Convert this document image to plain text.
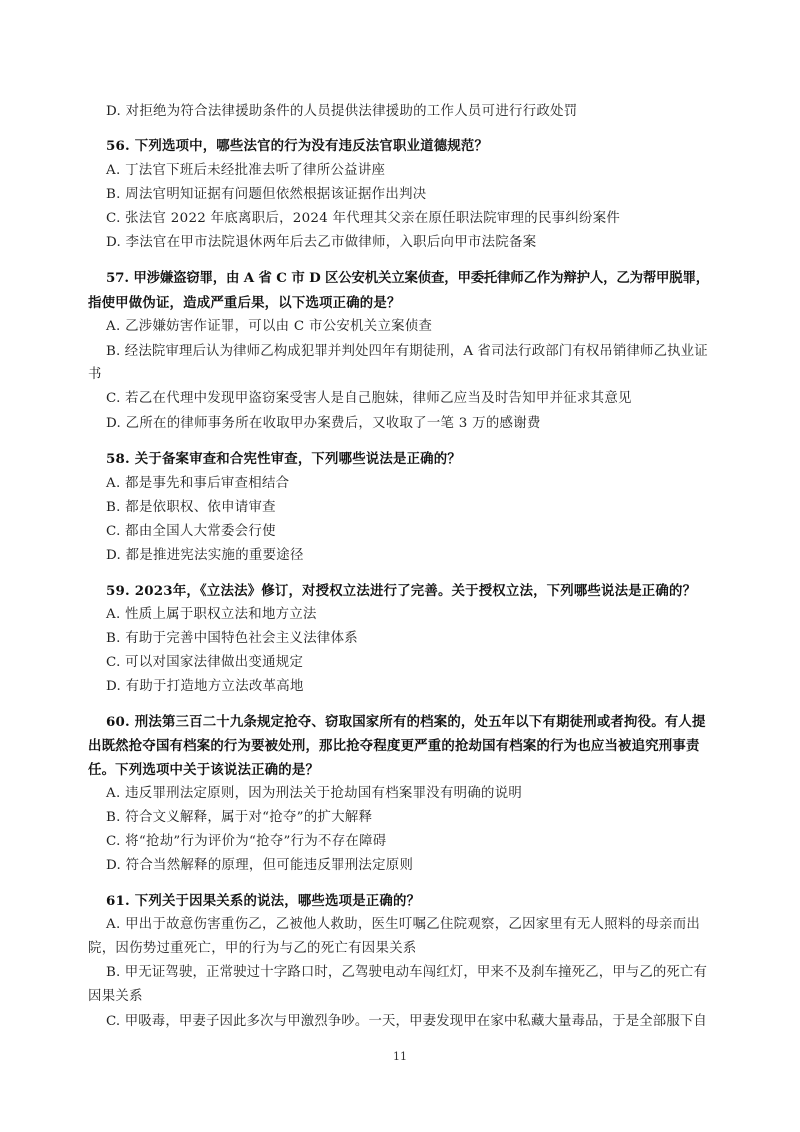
D. 对拒绝为符合法律援助条件的人员提供法律援助的工作人员可进行行政处罚
56. 下列选项中，哪些法官的行为没有违反法官职业道德规范？
A. 丁法官下班后未经批准去听了律所公益讲座
B. 周法官明知证据有问题但依然根据该证据作出判决
C. 张法官 2022 年底离职后，2024 年代理其父亲在原任职法院审理的民事纠纷案件
D. 李法官在甲市法院退休两年后去乙市做律师，入职后向甲市法院备案
57. 甲涉嫌盗窃罪，由 A 省 C 市 D 区公安机关立案侦查，甲委托律师乙作为辩护人，乙为帮甲脱罪，
指使甲做伪证，造成严重后果，以下选项正确的是？
A. 乙涉嫌妨害作证罪，可以由 C 市公安机关立案侦查
B. 经法院审理后认为律师乙构成犯罪并判处四年有期徒刑，A 省司法行政部门有权吊销律师乙执业证
书
C. 若乙在代理中发现甲盗窃案受害人是自己胞妹，律师乙应当及时告知甲并征求其意见
D. 乙所在的律师事务所在收取甲办案费后，又收取了一笔 3 万的感谢费
58. 关于备案审查和合宪性审查，下列哪些说法是正确的？
A. 都是事先和事后审查相结合
B. 都是依职权、依申请审查
C. 都由全国人大常委会行使
D. 都是推进宪法实施的重要途径
59. 2023年，《立法法》修订，对授权立法进行了完善。关于授权立法，下列哪些说法是正确的？
A. 性质上属于职权立法和地方立法
B. 有助于完善中国特色社会主义法律体系
C. 可以对国家法律做出变通规定
D. 有助于打造地方立法改革高地
60. 刑法第三百二十九条规定抢夺、窃取国家所有的档案的，处五年以下有期徒刑或者拘役。有人提
出既然抢夺国有档案的行为要被处刑，那比抢夺程度更严重的抢劫国有档案的行为也应当被追究刑事责
任。下列选项中关于该说法正确的是？
A. 违反罪刑法定原则，因为刑法关于抢劫国有档案罪没有明确的说明
B. 符合文义解释，属于对“抢夺”的扩大解释
C. 将“抢劫”行为评价为“抢夺”行为不存在障碍
D. 符合当然解释的原理，但可能违反罪刑法定原则
61. 下列关于因果关系的说法，哪些选项是正确的？
A. 甲出于故意伤害重伤乙，乙被他人救助，医生叮嘱乙住院观察，乙因家里有无人照料的母亲而出
院，因伤势过重死亡，甲的行为与乙的死亡有因果关系
B. 甲无证驾驶，正常驶过十字路口时，乙驾驶电动车闯红灯，甲来不及刹车撞死乙，甲与乙的死亡有
因果关系
C. 甲吸毒，甲妻子因此多次与甲激烈争吵。一天，甲妻发现甲在家中私藏大量毒品，于是全部服下自
11
